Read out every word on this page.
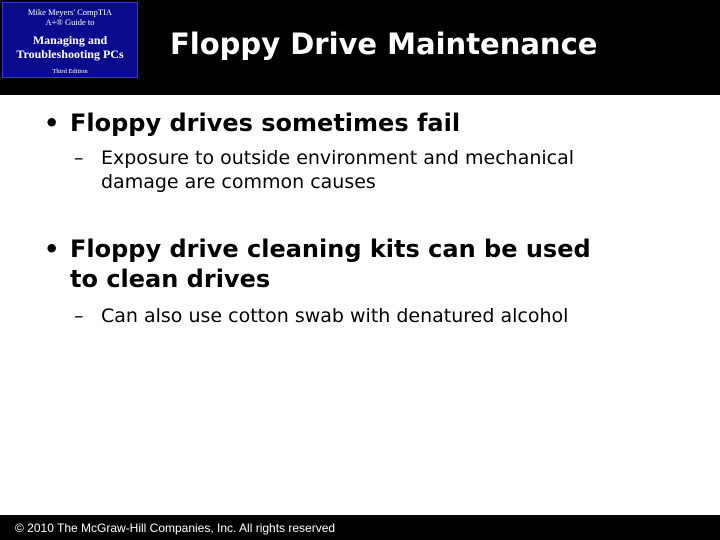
Mike Meyers' CompTIA
A+® Guide to
Managing and
Troubleshooting PCs
Third Edition
Floppy Drive Maintenance
• Floppy drives sometimes fail
– Exposure to outside environment and mechanical
damage are common causes
• Floppy drive cleaning kits can be used
to clean drives
– Can also use cotton swab with denatured alcohol
© 2010 The McGraw-Hill Companies, Inc. All rights reserved
